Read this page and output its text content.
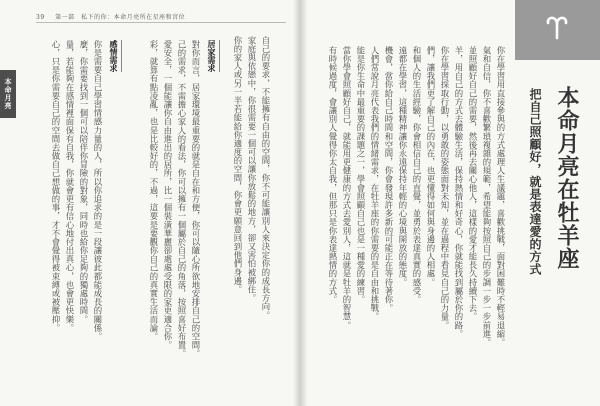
39 第一部　私下的你：本命月亮所在星座和宮位
本命月亮	自己的要求，不能擁有自由的空間，你不可能讓別人來決定你的成長方向。
家庭與依戀中，你很需要一個可以讓你放鬆的地方，卻又害怕被綁住。
你的家人或另一半若能給你適度的空間，你會更願意回到他們身邊。
居家需求
對你而言，居家環境最重要的就是自在和方便，你可以隨心所欲地安排自己的空間。
己的需求，不需擔心家人的看法，你可以擁有一個屬於自己的角落，按照喜好布置。
愛安全，一個能讓你自由進出的居所，比一個裝潢華麗卻處處受限的家更適合你。
彩，就算有點凌亂，也是比較好的，不過，這要是要觀你自己的真實生活而論。
感情需求
你是需要自己學習情感力量的人，所以你追求的是一段讓彼此都能成長的關係。
麼，你需要找到一個可以陪伴你冒險的對象，同時也給你足夠的獨處時間。
量，若能夠在感情裡面保有自我，你就會更有信心地付出真心，也會更快樂。
心，只是你需要自己的空間去做自己想做的事，才不會覺得被束縛或被壓抑。	本命月亮在牡羊座
把自己照顧好，就是表達愛的方式
你在學習用直接參與的方式處理人生議題，喜歡挑戰，面對困難時不輕易退縮。
氣和自信，你不喜歡繁瑣複雜的規範，希望能夠按照自己的步調一步一步前進。
並照顧好自己的需要，然後再去關心他人，這樣的愛才能長久持續下去。
羊，用自己的方式去體驗生活，保持熱情和好奇心，你就能找到屬於你的路。
你在學習採取行動，以勇敢的姿態面對未知，並在過程中看見自己的力量。
們，讓我們更了解自己的內在，也更懂得如何與身邊的人相處。
和個人的生活經驗，你會相信自己的直覺，並勇於表達真實的感受。
遠都在學習，這種精神讓你永遠保持年輕的心境與開放的態度。
機會，當你給自己時間和空間，你會發現許多新的可能正在等待著你。
人們常說月亮代表我們的情緒需求，在牡羊座的你需要的是自由和挑戰。
能是你生命中最重要的課題之一，學會照顧自己也是一種愛的練習。
當你學會照顧好自己，就能用更健康的方式去愛別人，這就是牡羊的智慧。
有時候過度，會讓別人覺得你太自我，但那只是你表達熱情的方式。
